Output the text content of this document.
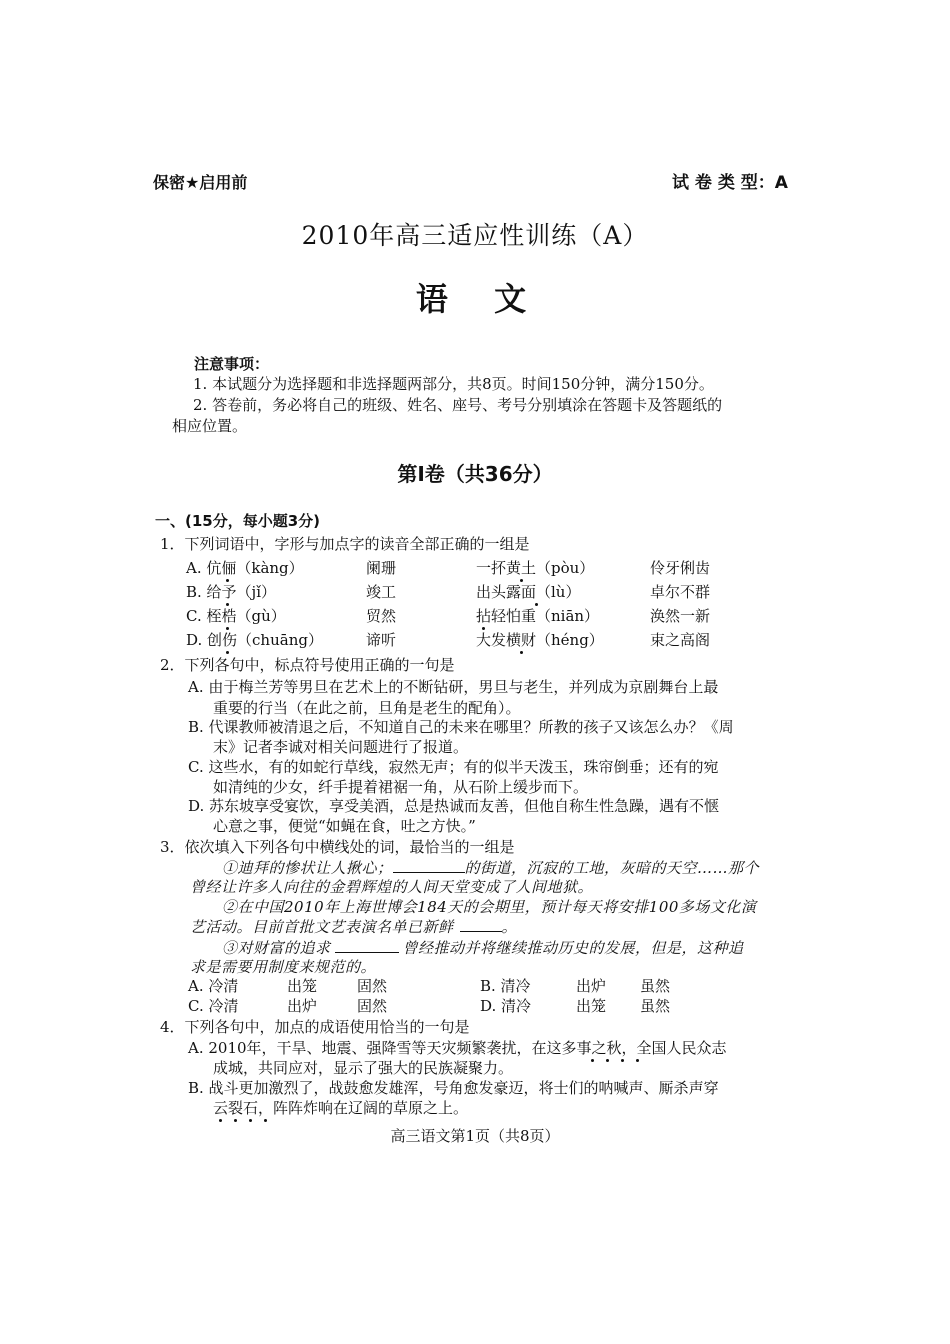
保密★启用前	试 卷 类 型：A
2010年高三适应性训练（A）
语  文
注意事项：
1. 本试题分为选择题和非选择题两部分，共8页。时间150分钟，满分150分。
2. 答卷前，务必将自己的班级、姓名、座号、考号分别填涂在答题卡及答题纸的
相应位置。
第Ⅰ卷（共36分）
一、(15分，每小题3分)
1．下列词语中，字形与加点字的读音全部正确的一组是
A. 伉俪（kàng）	阑珊	一抔黄土（pòu）	伶牙俐齿
B. 给予（jǐ）	竣工	出头露面（lù）	卓尔不群
C. 桎梏（gù）	贸然	拈轻怕重（niān）	涣然一新
D. 创伤（chuāng）	谛听	大发横财（héng）	束之高阁
2．下列各句中，标点符号使用正确的一句是
A. 由于梅兰芳等男旦在艺术上的不断钻研，男旦与老生，并列成为京剧舞台上最
重要的行当（在此之前，旦角是老生的配角）。
B. 代课教师被清退之后，不知道自己的未来在哪里？所教的孩子又该怎么办？《周
末》记者李诚对相关问题进行了报道。
C. 这些水，有的如蛇行草线，寂然无声；有的似半天泼玉，珠帘倒垂；还有的宛
如清纯的少女，纤手提着裙裾一角，从石阶上缓步而下。
D. 苏东坡享受宴饮，享受美酒，总是热诚而友善，但他自称生性急躁，遇有不惬
心意之事，便觉“如蝇在食，吐之方快。”
3．依次填入下列各句中横线处的词，最恰当的一组是
①迪拜的惨状让人揪心；	的街道，沉寂的工地，灰暗的天空……那个
曾经让许多人向往的金碧辉煌的人间天堂变成了人间地狱。
②在中国2010年上海世博会184天的会期里，预计每天将安排100多场文化演
艺活动。目前首批文艺表演名单已新鲜	。
③对财富的追求	曾经推动并将继续推动历史的发展，但是，这种追
求是需要用制度来规范的。
A. 冷清	出笼	固然	B. 清冷	出炉 虽然
C. 冷清	出炉	固然	D. 清冷	出笼 虽然
4．下列各句中，加点的成语使用恰当的一句是
A. 2010年，干旱、地震、强降雪等天灾频繁袭扰，在这多事之秋，全国人民众志
成城，共同应对，显示了强大的民族凝聚力。
B. 战斗更加激烈了，战鼓愈发雄浑，号角愈发豪迈，将士们的呐喊声、厮杀声穿
云裂石，阵阵炸响在辽阔的草原之上。
高三语文第1页（共8页）
